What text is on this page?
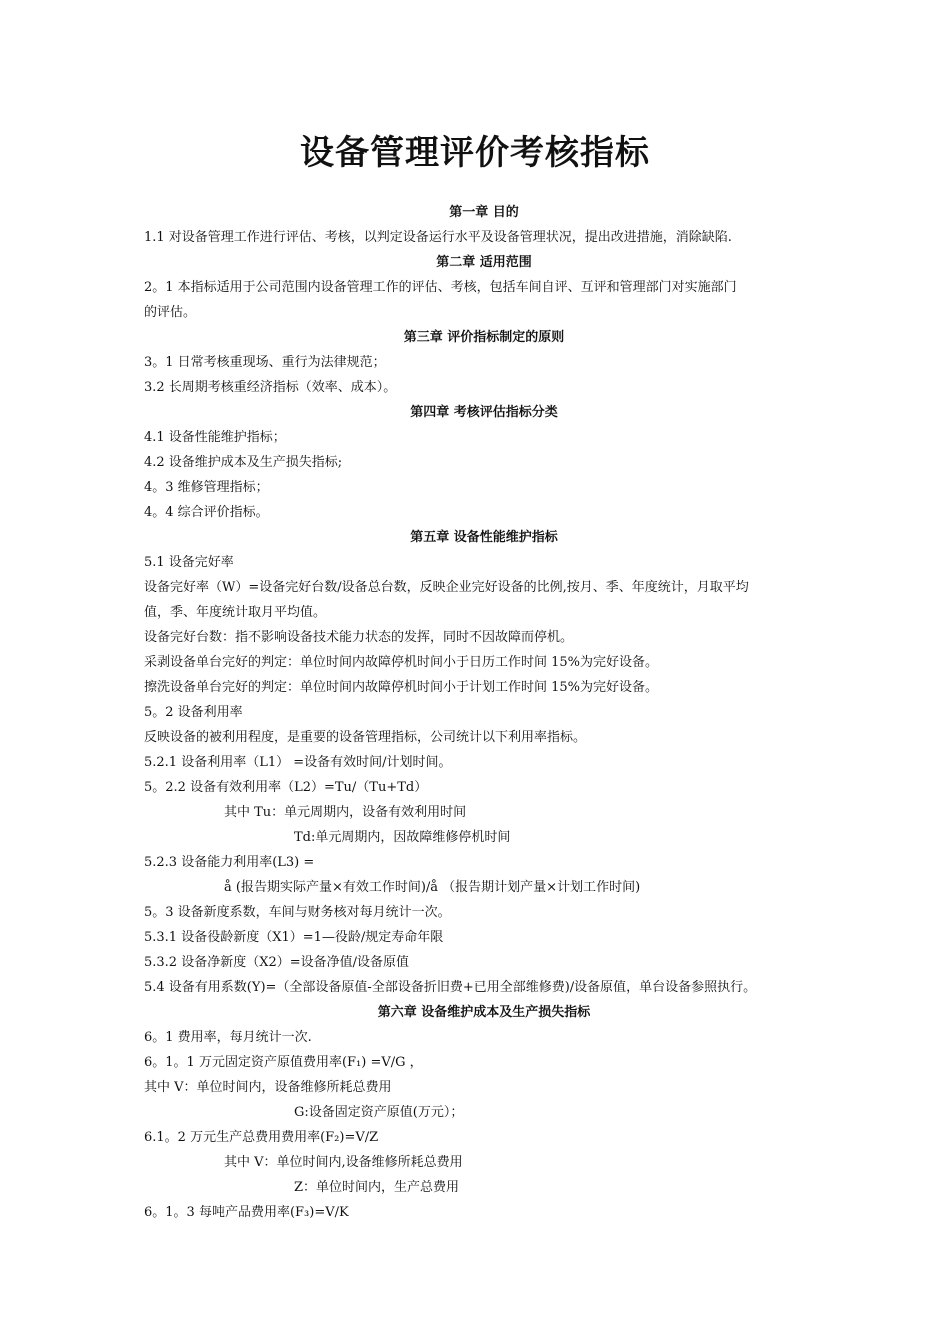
设备管理评价考核指标
第一章 目的
1.1 对设备管理工作进行评估、考核，以判定设备运行水平及设备管理状况，提出改进措施，消除缺陷.
第二章 适用范围
2。1 本指标适用于公司范围内设备管理工作的评估、考核，包括车间自评、互评和管理部门对实施部门
的评估。
第三章 评价指标制定的原则
3。1 日常考核重现场、重行为法律规范；
3.2 长周期考核重经济指标（效率、成本）。
第四章 考核评估指标分类
4.1 设备性能维护指标；
4.2 设备维护成本及生产损失指标;
4。3 维修管理指标；
4。4 综合评价指标。
第五章 设备性能维护指标
5.1 设备完好率
设备完好率（W）=设备完好台数/设备总台数，反映企业完好设备的比例,按月、季、年度统计，月取平均
值，季、年度统计取月平均值。
设备完好台数：指不影响设备技术能力状态的发挥，同时不因故障而停机。
采剥设备单台完好的判定：单位时间内故障停机时间小于日历工作时间 15%为完好设备。
擦洗设备单台完好的判定：单位时间内故障停机时间小于计划工作时间 15%为完好设备。
5。2 设备利用率
反映设备的被利用程度，是重要的设备管理指标，公司统计以下利用率指标。
5.2.1 设备利用率（L1） =设备有效时间/计划时间。
5。2.2 设备有效利用率（L2）=Tu/（Tu+Td）
其中 Tu：单元周期内，设备有效利用时间
Td:单元周期内，因故障维修停机时间
5.2.3 设备能力利用率(L3) =
å (报告期实际产量×有效工作时间)/å （报告期计划产量×计划工作时间)
5。3 设备新度系数，车间与财务核对每月统计一次。
5.3.1 设备役龄新度（X1）=1—役龄/规定寿命年限
5.3.2 设备净新度（X2）=设备净值/设备原值
5.4 设备有用系数(Y)=（全部设备原值-全部设备折旧费+已用全部维修费)/设备原值，单台设备参照执行。
第六章 设备维护成本及生产损失指标
6。1 费用率，每月统计一次.
6。1。1 万元固定资产原值费用率(F₁) =V/G ，
其中 V：单位时间内，设备维修所耗总费用
G:设备固定资产原值(万元）；
6.1。2 万元生产总费用费用率(F₂)=V/Z
其中 V：单位时间内,设备维修所耗总费用
Z：单位时间内，生产总费用
6。1。3 每吨产品费用率(F₃)=V/K
